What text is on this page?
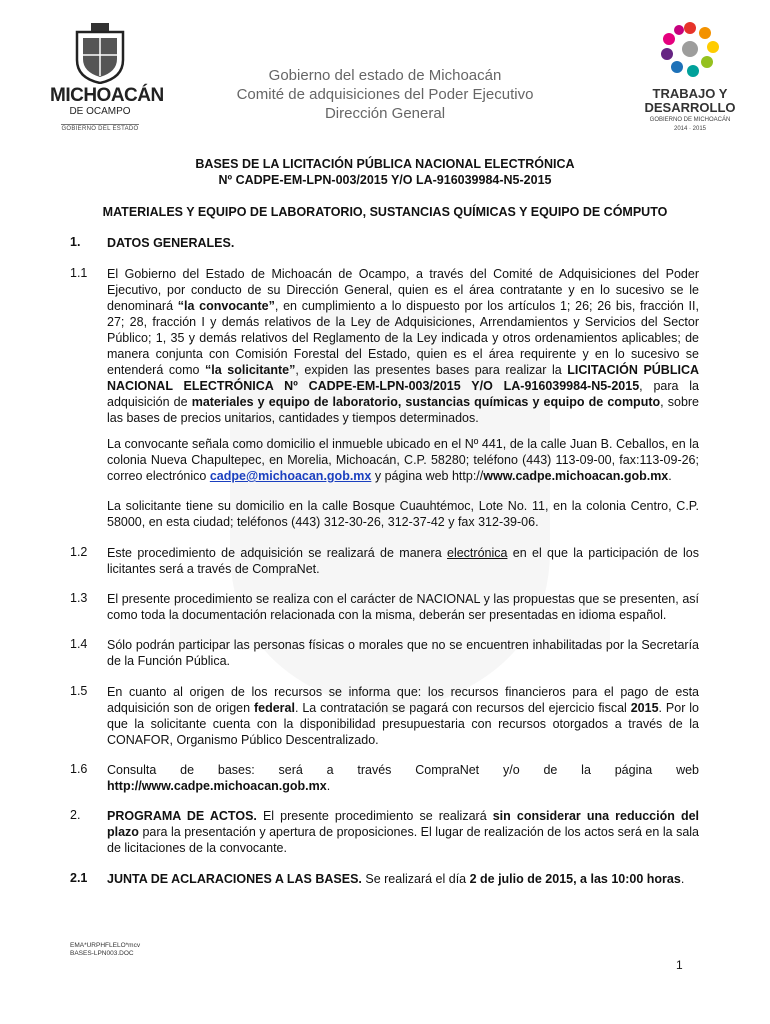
MICHOACÁN
DE OCAMPO
GOBIERNO DEL ESTADO
TRABAJO Y
DESARROLLO
GOBIERNO DE MICHOACÁN
2014 · 2015
Gobierno del estado de Michoacán
Comité de adquisiciones del Poder Ejecutivo
Dirección General
BASES DE LA LICITACIÓN PÚBLICA NACIONAL ELECTRÓNICA
Nº CADPE-EM-LPN-003/2015 Y/O LA-916039984-N5-2015
MATERIALES Y EQUIPO DE LABORATORIO, SUSTANCIAS QUÍMICAS Y EQUIPO DE CÓMPUTO
1. DATOS GENERALES.
1.1 El Gobierno del Estado de Michoacán de Ocampo, a través del Comité de Adquisiciones del Poder Ejecutivo, por conducto de su Dirección General, quien es el área contratante y en lo sucesivo se le denominará “la convocante”, en cumplimiento a lo dispuesto por los artículos 1; 26; 26 bis, fracción II, 27; 28, fracción I y demás relativos de la Ley de Adquisiciones, Arrendamientos y Servicios del Sector Público; 1, 35 y demás relativos del Reglamento de la Ley indicada y otros ordenamientos aplicables; de manera conjunta con Comisión Forestal del Estado, quien es el área requirente y en lo sucesivo se entenderá como “la solicitante”, expiden las presentes bases para realizar la LICITACIÓN PÚBLICA NACIONAL ELECTRÓNICA Nº CADPE-EM-LPN-003/2015 Y/O LA-916039984-N5-2015, para la adquisición de materiales y equipo de laboratorio, sustancias químicas y equipo de computo, sobre las bases de precios unitarios, cantidades y tiempos determinados.
La convocante señala como domicilio el inmueble ubicado en el Nº 441, de la calle Juan B. Ceballos, en la colonia Nueva Chapultepec, en Morelia, Michoacán, C.P. 58280; teléfono (443) 113-09-00, fax:113-09-26; correo electrónico cadpe@michoacan.gob.mx y página web http://www.cadpe.michoacan.gob.mx.
La solicitante tiene su domicilio en la calle Bosque Cuauhtémoc, Lote No. 11, en la colonia Centro, C.P. 58000, en esta ciudad; teléfonos (443) 312-30-26, 312-37-42 y fax 312-39-06.
1.2 Este procedimiento de adquisición se realizará de manera electrónica en el que la participación de los licitantes será a través de CompraNet.
1.3 El presente procedimiento se realiza con el carácter de NACIONAL y las propuestas que se presenten, así como toda la documentación relacionada con la misma, deberán ser presentadas en idioma español.
1.4 Sólo podrán participar las personas físicas o morales que no se encuentren inhabilitadas por la Secretaría de la Función Pública.
1.5 En cuanto al origen de los recursos se informa que: los recursos financieros para el pago de esta adquisición son de origen federal. La contratación se pagará con recursos del ejercicio fiscal 2015. Por lo que la solicitante cuenta con la disponibilidad presupuestaria con recursos otorgados a través de la CONAFOR, Organismo Público Descentralizado.
1.6 Consulta de bases: será a través CompraNet y/o de la página web
http://www.cadpe.michoacan.gob.mx.
2. PROGRAMA DE ACTOS. El presente procedimiento se realizará sin considerar una reducción del plazo para la presentación y apertura de proposiciones. El lugar de realización de los actos será en la sala de licitaciones de la convocante.
2.1 JUNTA DE ACLARACIONES A LAS BASES. Se realizará el día 2 de julio de 2015, a las 10:00 horas.
EMA*URPHFLELO*mcv
BASES-LPN003.DOC
1
